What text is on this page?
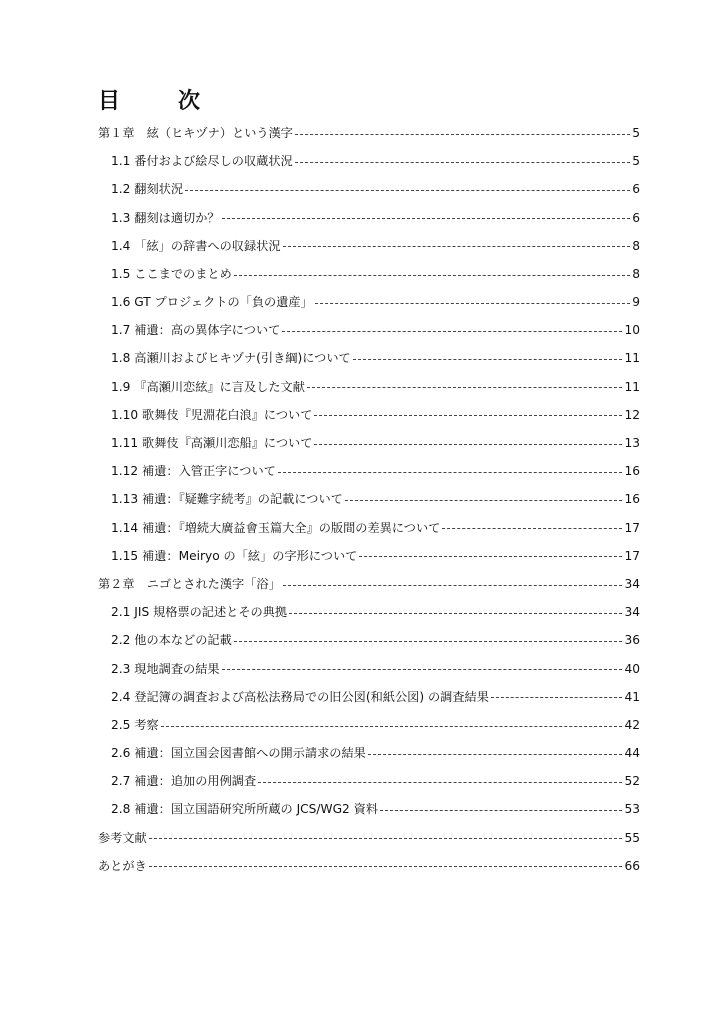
目　次
第１章　絃（ヒキヅナ）という漢字	5
1.1 番付および絵尽しの収蔵状況	5
1.2 翻刻状況	6
1.3 翻刻は適切か？	6
1.4 「絃」の辞書への収録状況	8
1.5 ここまでのまとめ	8
1.6 GT プロジェクトの「負の遺産」	9
1.7 補遺：高の異体字について	10
1.8 高瀬川およびヒキヅナ(引き綱)について	11
1.9 『高瀬川恋絃』に言及した文献	11
1.10 歌舞伎『児淵花白浪』について	12
1.11 歌舞伎『高瀬川恋船』について	13
1.12 補遺：入管正字について	16
1.13 補遺：『疑難字続考』の記載について	16
1.14 補遺：『増続大廣益會玉篇大全』の版間の差異について	17
1.15 補遺：Meiryo の「絃」の字形について	17
第２章　ニゴとされた漢字「浴」	34
2.1 JIS 規格票の記述とその典拠	34
2.2 他の本などの記載	36
2.3 現地調査の結果	40
2.4 登記簿の調査および高松法務局での旧公図(和紙公図) の調査結果	41
2.5 考察	42
2.6 補遺：国立国会図書館への開示請求の結果	44
2.7 補遺：追加の用例調査	52
2.8 補遺：国立国語研究所所蔵の JCS/WG2 資料	53
参考文献	55
あとがき	66
